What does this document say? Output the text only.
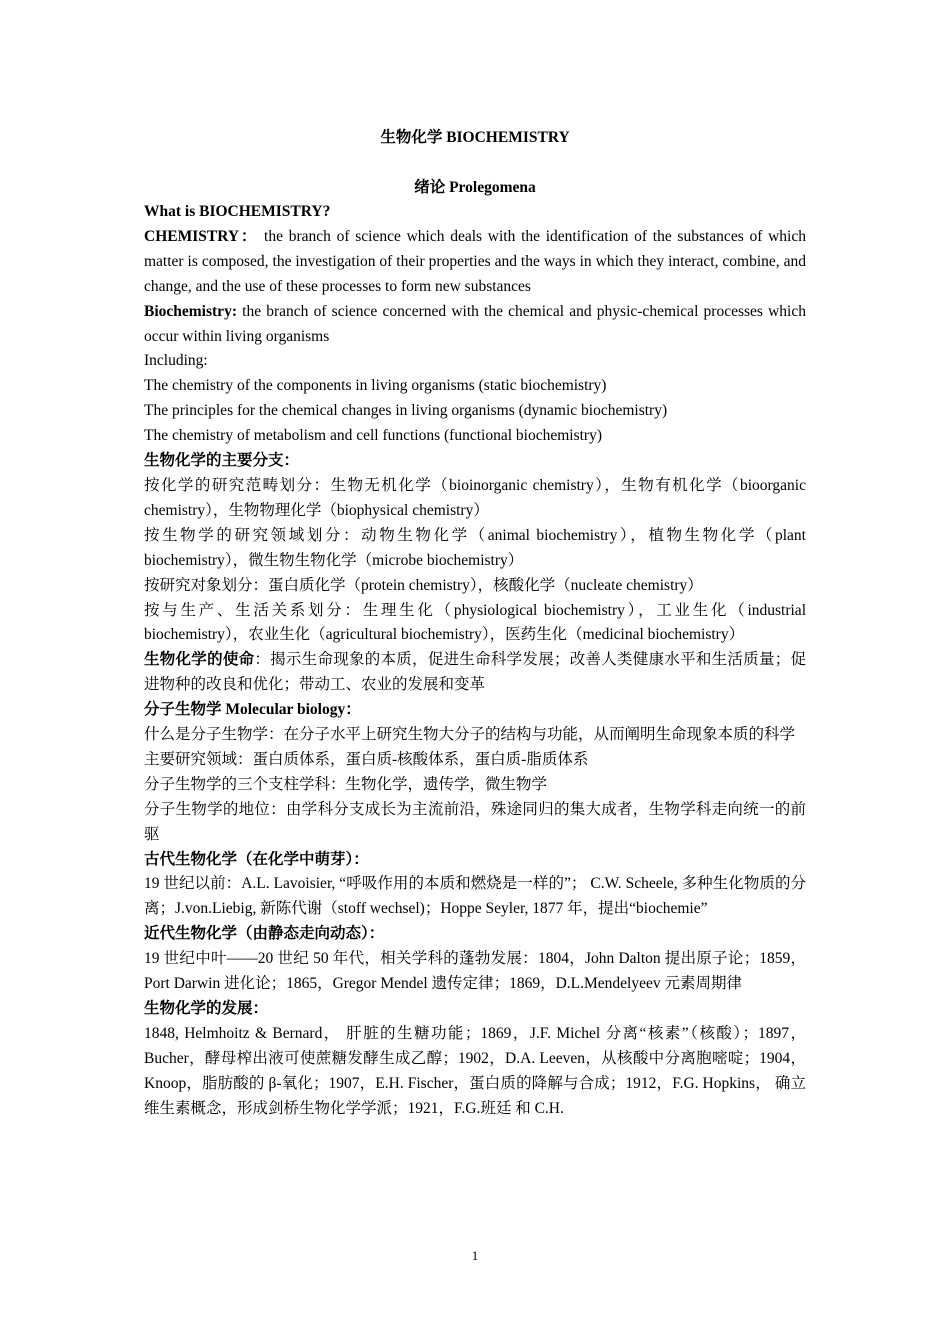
生物化学 BIOCHEMISTRY
绪论 Prolegomena

What is BIOCHEMISTRY?

CHEMISTRY： the branch of science which deals with the identification of the substances of which matter is composed, the investigation of their properties and the ways in which they interact, combine, and change, and the use of these processes to form new substances

Biochemistry: the branch of science concerned with the chemical and physic-chemical processes which occur within living organisms

Including:

The chemistry of the components in living organisms (static biochemistry)

The principles for the chemical changes in living organisms (dynamic biochemistry)

The chemistry of metabolism and cell functions (functional biochemistry)

生物化学的主要分支：

按化学的研究范畴划分：生物无机化学（bioinorganic chemistry），生物有机化学（bioorganic chemistry），生物物理化学（biophysical chemistry）

按生物学的研究领域划分：动物生物化学（animal biochemistry），植物生物化学（plant biochemistry），微生物生物化学（microbe biochemistry）

按研究对象划分：蛋白质化学（protein chemistry），核酸化学（nucleate chemistry）

按与生产、生活关系划分：生理生化（physiological biochemistry），工业生化（industrial biochemistry），农业生化（agricultural biochemistry），医药生化（medicinal biochemistry）

生物化学的使命：揭示生命现象的本质，促进生命科学发展；改善人类健康水平和生活质量；促进物种的改良和优化；带动工、农业的发展和变革

分子生物学 Molecular biology：

什么是分子生物学：在分子水平上研究生物大分子的结构与功能，从而阐明生命现象本质的科学

主要研究领域：蛋白质体系，蛋白质-核酸体系，蛋白质-脂质体系

分子生物学的三个支柱学科：生物化学，遗传学，微生物学

分子生物学的地位：由学科分支成长为主流前沿，殊途同归的集大成者，生物学科走向统一的前驱

古代生物化学（在化学中萌芽）：

19 世纪以前：A.L. Lavoisier, “呼吸作用的本质和燃烧是一样的”； C.W. Scheele, 多种生化物质的分离；J.von.Liebig, 新陈代谢（stoff wechsel)；Hoppe Seyler, 1877 年，提出“biochemie”

近代生物化学（由静态走向动态）：

19 世纪中叶——20 世纪 50 年代，相关学科的蓬勃发展：1804，John Dalton 提出原子论；1859，Port Darwin 进化论；1865，Gregor Mendel 遗传定律；1869，D.L.Mendelyeev 元素周期律

生物化学的发展：

1848, Helmhoitz & Bernard， 肝脏的生糖功能；1869，J.F. Michel 分离“核素”（核酸）；1897，Bucher，酵母榨出液可使蔗糖发酵生成乙醇；1902，D.A. Leeven，从核酸中分离胞嘧啶；1904，Knoop，脂肪酸的 β-氧化；1907，E.H. Fischer，蛋白质的降解与合成；1912，F.G. Hopkins， 确立维生素概念，形成剑桥生物化学学派；1921，F.G.班廷 和 C.H.

1
